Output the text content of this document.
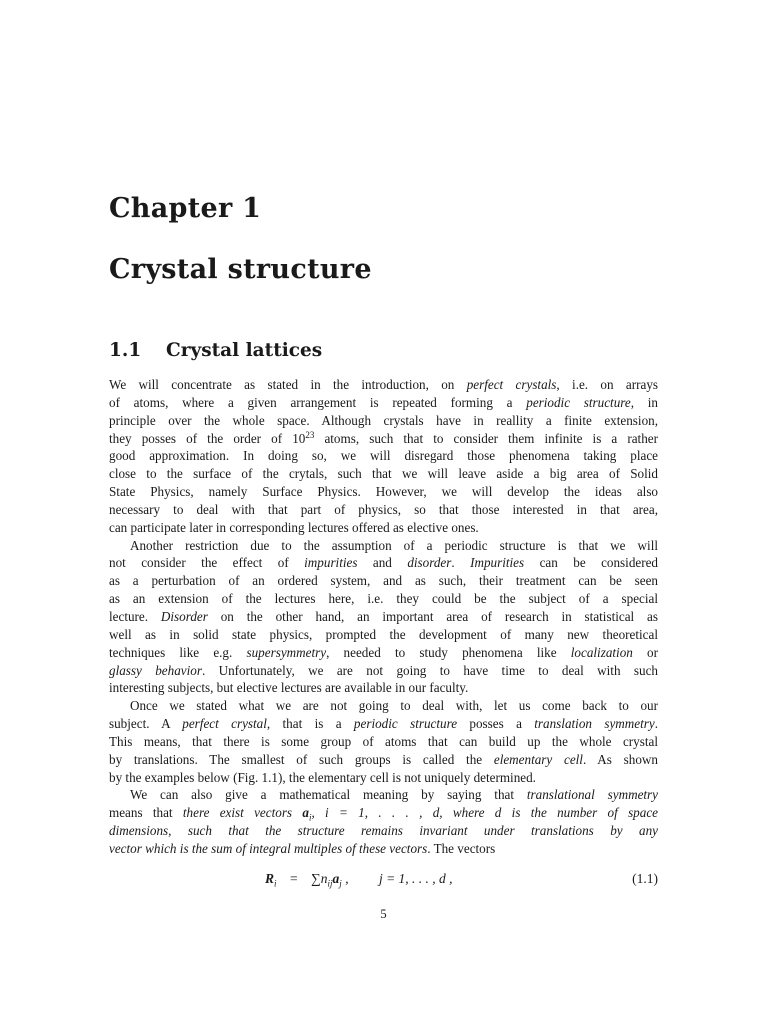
Chapter 1
Crystal structure
1.1 Crystal lattices
We will concentrate as stated in the introduction, on perfect crystals, i.e. on arrays
of atoms, where a given arrangement is repeated forming a periodic structure, in
principle over the whole space. Although crystals have in reallity a finite extension,
they posses of the order of $10^{23}$ atoms, such that to consider them infinite is a rather
good approximation. In doing so, we will disregard those phenomena taking place
close to the surface of the crytals, such that we will leave aside a big area of Solid
State Physics, namely Surface Physics. However, we will develop the ideas also
necessary to deal with that part of physics, so that those interested in that area,
can participate later in corresponding lectures offered as elective ones.
Another restriction due to the assumption of a periodic structure is that we will
not consider the effect of impurities and disorder. Impurities can be considered
as a perturbation of an ordered system, and as such, their treatment can be seen
as an extension of the lectures here, i.e. they could be the subject of a special
lecture. Disorder on the other hand, an important area of research in statistical as
well as in solid state physics, prompted the development of many new theoretical
techniques like e.g. supersymmetry, needed to study phenomena like localization or
glassy behavior. Unfortunately, we are not going to have time to deal with such
interesting subjects, but elective lectures are available in our faculty.
Once we stated what we are not going to deal with, let us come back to our
subject. A perfect crystal, that is a periodic structure posses a translation symmetry.
This means, that there is some group of atoms that can build up the whole crystal
by translations. The smallest of such groups is called the elementary cell. As shown
by the examples below (Fig. 1.1), the elementary cell is not uniquely determined.
We can also give a mathematical meaning by saying that translational symmetry
means that there exist vectors $a_i$, i = 1, . . . , d, where d is the number of space
dimensions, such that the structure remains invariant under translations by any
vector which is the sum of integral multiples of these vectors. The vectors
$R_i = \sum n_{ij}a_j$ , j = 1, . . . , d ,	(1.1)
5
